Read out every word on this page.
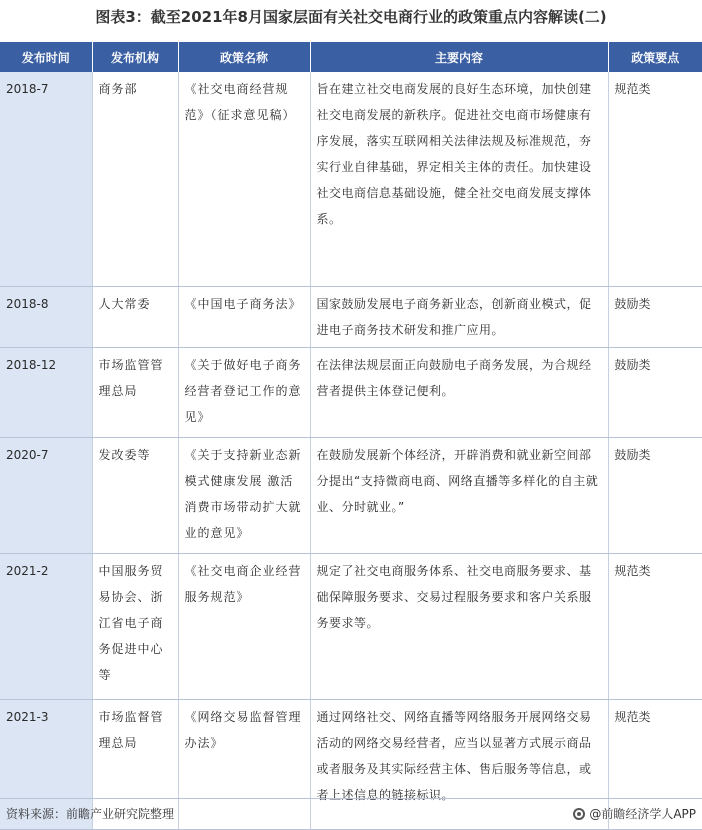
图表3：截至2021年8月国家层面有关社交电商行业的政策重点内容解读(二)
发布时间	发布机构	政策名称	主要内容	政策要点
2018-7	商务部	《社交电商经营规范》（征求意见稿）	旨在建立社交电商发展的良好生态环境，加快创建社交电商发展的新秩序。促进社交电商市场健康有序发展，落实互联网相关法律法规及标准规范，夯实行业自律基础，界定相关主体的责任。加快建设社交电商信息基础设施，健全社交电商发展支撑体系。	规范类
2018-8	人大常委	《中国电子商务法》	国家鼓励发展电子商务新业态，创新商业模式，促进电子商务技术研发和推广应用。	鼓励类
2018-12	市场监管管理总局	《关于做好电子商务经营者登记工作的意见》	在法律法规层面正向鼓励电子商务发展，为合规经营者提供主体登记便利。	鼓励类
2020-7	发改委等	《关于支持新业态新模式健康发展 激活消费市场带动扩大就业的意见》	在鼓励发展新个体经济，开辟消费和就业新空间部分提出“支持微商电商、网络直播等多样化的自主就业、分时就业。”	鼓励类
2021-2	中国服务贸易协会、浙江省电子商务促进中心等	《社交电商企业经营服务规范》	规定了社交电商服务体系、社交电商服务要求、基础保障服务要求、交易过程服务要求和客户关系服务要求等。	规范类
2021-3	市场监督管理总局	《网络交易监督管理办法》	通过网络社交、网络直播等网络服务开展网络交易活动的网络交易经营者，应当以显著方式展示商品或者服务及其实际经营主体、售后服务等信息，或者上述信息的链接标识。	规范类
资料来源：前瞻产业研究院整理	@前瞻经济学人APP
